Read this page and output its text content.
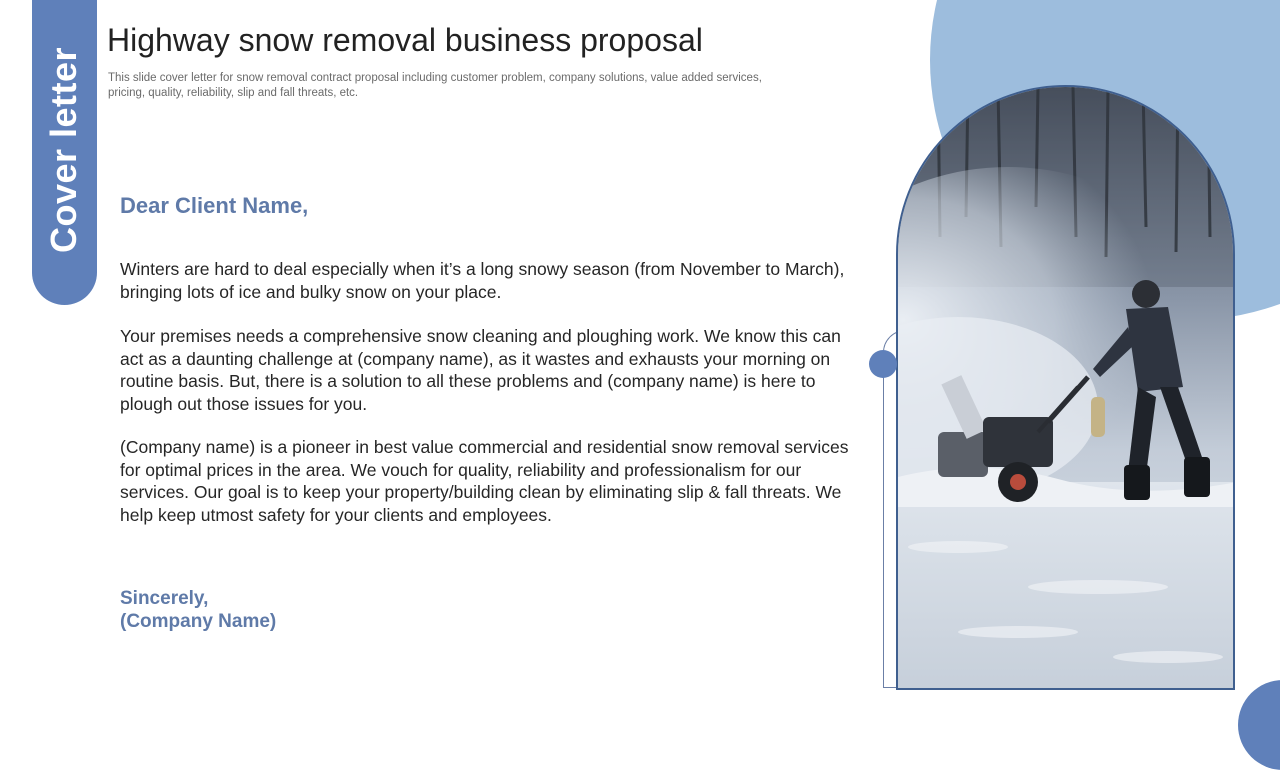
Cover letter
Highway snow removal business proposal

This slide cover letter for snow removal contract proposal including customer problem, company solutions, value added services, pricing, quality, reliability, slip and fall threats, etc.

Dear Client Name,

Winters are hard to deal especially when it’s a long snowy season (from November to March), bringing lots of ice and bulky snow on your place.

Your premises needs a comprehensive snow cleaning and ploughing work. We know this can act as a daunting challenge at (company name), as it wastes and exhausts your morning on routine basis. But, there is a solution to all these problems and (company name) is here to plough out those issues for you.

(Company name) is a pioneer in best value commercial and residential snow removal services for optimal prices in the area. We vouch for quality, reliability and professionalism for our services. Our goal is to keep your property/building clean by eliminating slip & fall threats. We help keep utmost safety for your clients and employees.

Sincerely,
(Company Name)
